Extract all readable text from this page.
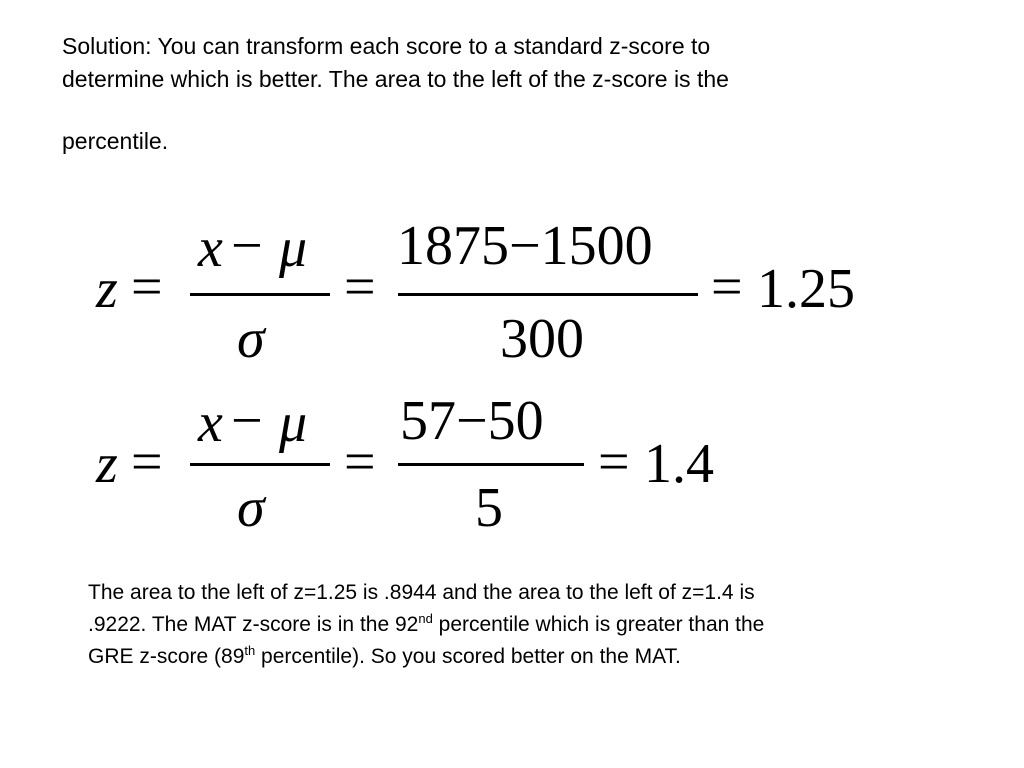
Solution: You can transform each score to a standard z-score to
determine which is better. The area to the left of the z-score is the
percentile.

z =
x − μ
σ
=
1875−1500
300
= 1.25
z =
x − μ
σ
=
57−50
5
= 1.4

The area to the left of z=1.25 is .8944 and the area to the left of z=1.4 is
.9222. The MAT z-score is in the 92nd percentile which is greater than the
GRE z-score (89th percentile). So you scored better on the MAT.
